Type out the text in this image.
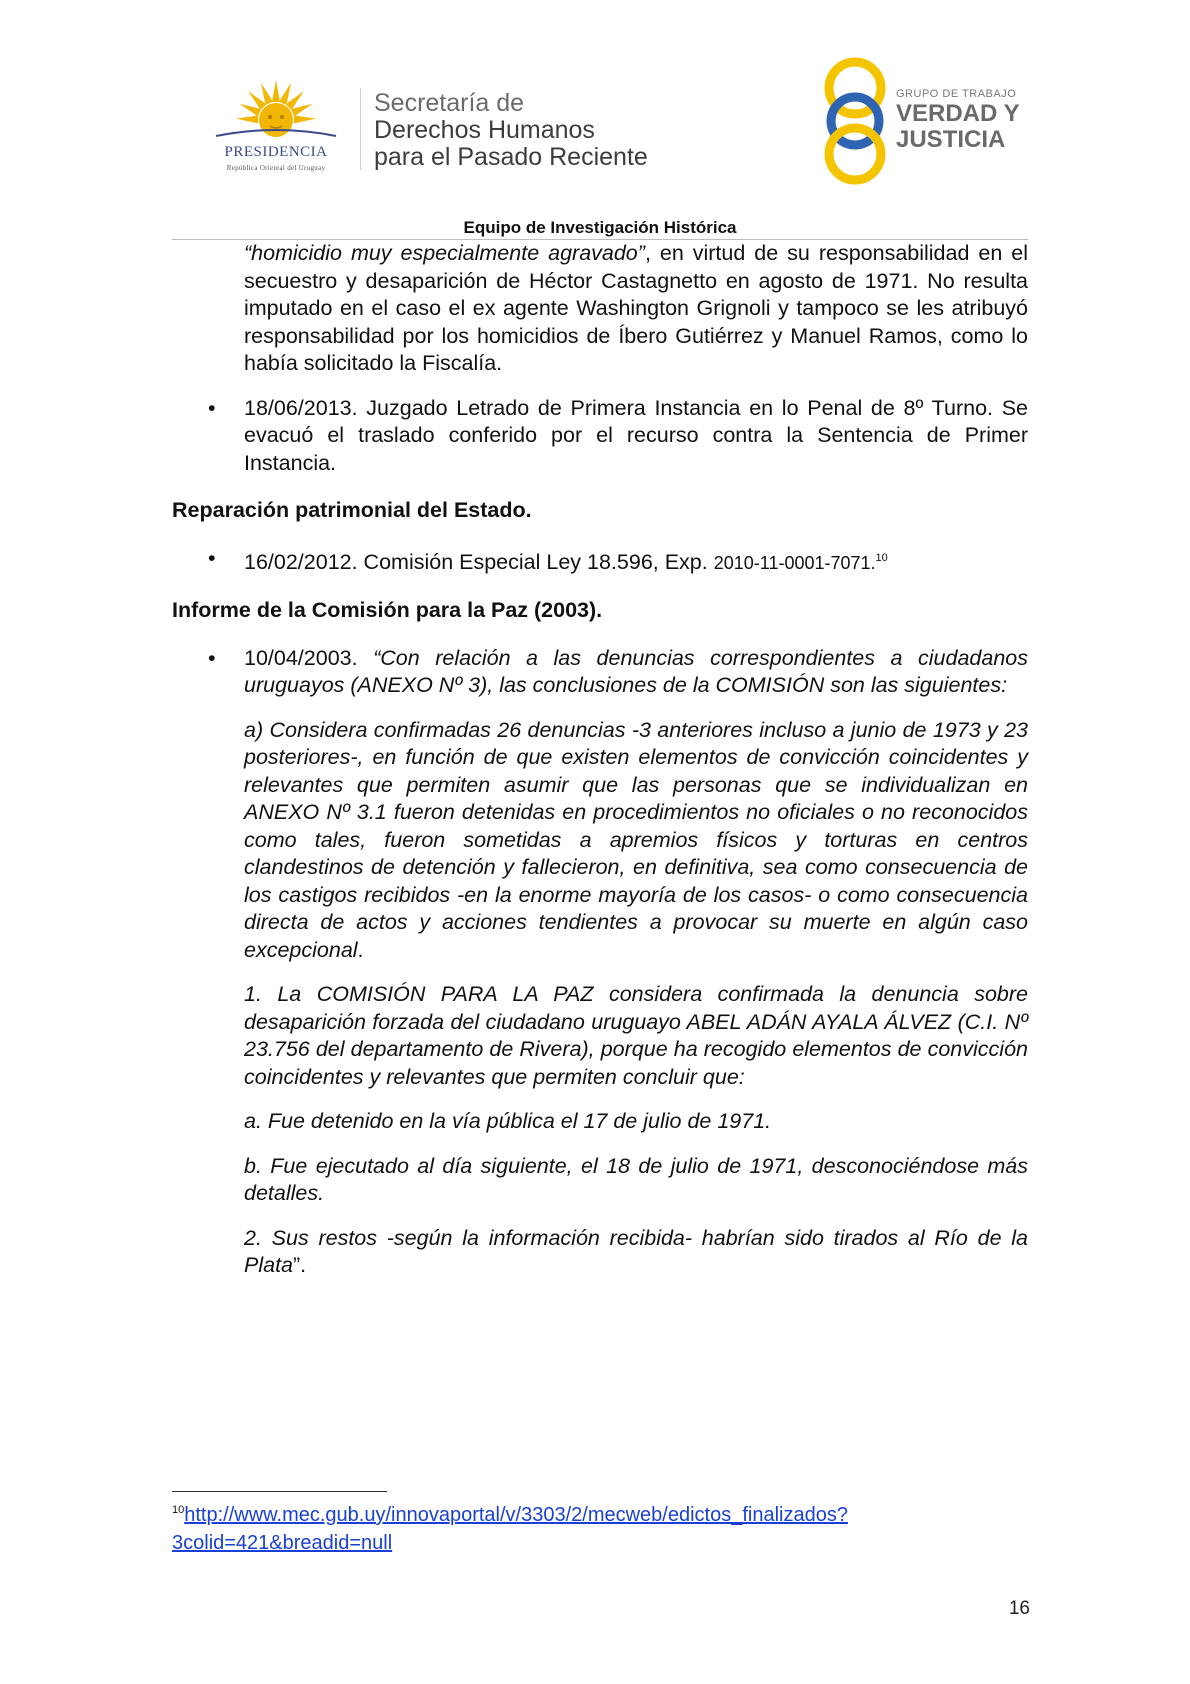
PRESIDENCIA
República Oriental del Uruguay
Secretaría de
Derechos Humanos
para el Pasado Reciente
GRUPO DE TRABAJO
VERDAD Y
JUSTICIA
Equipo de Investigación Histórica

“homicidio muy especialmente agravado”, en virtud de su responsabilidad en el secuestro y desaparición de Héctor Castagnetto en agosto de 1971. No resulta imputado en el caso el ex agente Washington Grignoli y tampoco se les atribuyó responsabilidad por los homicidios de Íbero Gutiérrez y Manuel Ramos, como lo había solicitado la Fiscalía.

• 18/06/2013. Juzgado Letrado de Primera Instancia en lo Penal de 8º Turno. Se evacuó el traslado conferido por el recurso contra la Sentencia de Primer Instancia.

Reparación patrimonial del Estado.

• 16/02/2012. Comisión Especial Ley 18.596, Exp. 2010-11-0001-7071.10

Informe de la Comisión para la Paz (2003).

• 10/04/2003. “Con relación a las denuncias correspondientes a ciudadanos uruguayos (ANEXO Nº 3), las conclusiones de la COMISIÓN son las siguientes:

a) Considera confirmadas 26 denuncias -3 anteriores incluso a junio de 1973 y 23 posteriores-, en función de que existen elementos de convicción coincidentes y relevantes que permiten asumir que las personas que se individualizan en ANEXO Nº 3.1 fueron detenidas en procedimientos no oficiales o no reconocidos como tales, fueron sometidas a apremios físicos y torturas en centros clandestinos de detención y fallecieron, en definitiva, sea como consecuencia de los castigos recibidos -en la enorme mayoría de los casos- o como consecuencia directa de actos y acciones tendientes a provocar su muerte en algún caso excepcional.

1. La COMISIÓN PARA LA PAZ considera confirmada la denuncia sobre desaparición forzada del ciudadano uruguayo ABEL ADÁN AYALA ÁLVEZ (C.I. Nº 23.756 del departamento de Rivera), porque ha recogido elementos de convicción coincidentes y relevantes que permiten concluir que:

a. Fue detenido en la vía pública el 17 de julio de 1971.

b. Fue ejecutado al día siguiente, el 18 de julio de 1971, desconociéndose más detalles.

2. Sus restos -según la información recibida- habrían sido tirados al Río de la Plata”.

$^{10}$http://www.mec.gub.uy/innovaportal/v/3303/2/mecweb/edictos_finalizados?
3colid=421&breadid=null
16
